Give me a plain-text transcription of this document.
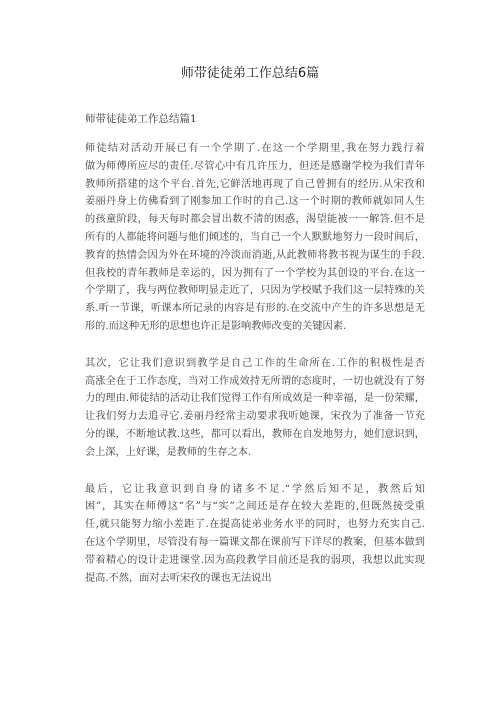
师带徒徒弟工作总结6篇
师带徒徒弟工作总结篇1
师徒结对活动开展已有一个学期了.在这一个学期里,我在努力践行着
做为师傅所应尽的责任.尽管心中有几许压力，但还是感谢学校为我们青年
教师所搭建的这个平台.首先,它鲜活地再现了自己曾拥有的经历.从宋孜和
姜丽丹身上仿佛看到了刚参加工作时的自己.这一个时期的教师就如同人生
的孩童阶段，每天每时都会冒出数不清的困惑，渴望能被一一解答.但不是
所有的人都能将问题与他们倾述的，当自己一个人默默地努力一段时间后，
教育的热情会因为外在环境的冷淡而消逝,从此教师将教书视为谋生的手段.
但我校的青年教师是幸运的，因为拥有了一个学校为其创设的平台.在这一
个学期了，我与两位教师明显走近了，只因为学校赋予我们这一层特殊的关
系.听一节课，听课本所记录的内容是有形的.在交流中产生的许多思想是无
形的.而这种无形的思想也许正是影响教师改变的关键因素.
其次，它让我们意识到教学是自己工作的生命所在.工作的积极性是否
高涨全在于工作态度，当对工作成效持无所谓的态度时，一切也就没有了努
力的理由.师徒结的活动让我们觉得工作有所成效是一种幸福，是一份荣耀，
让我们努力去追寻它.姜丽丹经常主动要求我听她课，宋孜为了准备一节充
分的课，不断地试教.这些，都可以看出，教师在自发地努力，她们意识到，
会上深，上好课，是教师的生存之本.
最后，它让我意识到自身的诸多不足.“学然后知不足，教然后知
困”，其实在师傅这“名”与“实”之间还是存在较大差距的,但既然接受重
任,就只能努力缩小差距了.在提高徒弟业务水平的同时，也努力充实自己.
在这个学期里，尽管没有每一篇课文都在课前写下详尽的教案，但基本做到
带着精心的设计走进课堂.因为高段教学目前还是我的弱项，我想以此实现
提高.不然，面对去听宋孜的课也无法说出
